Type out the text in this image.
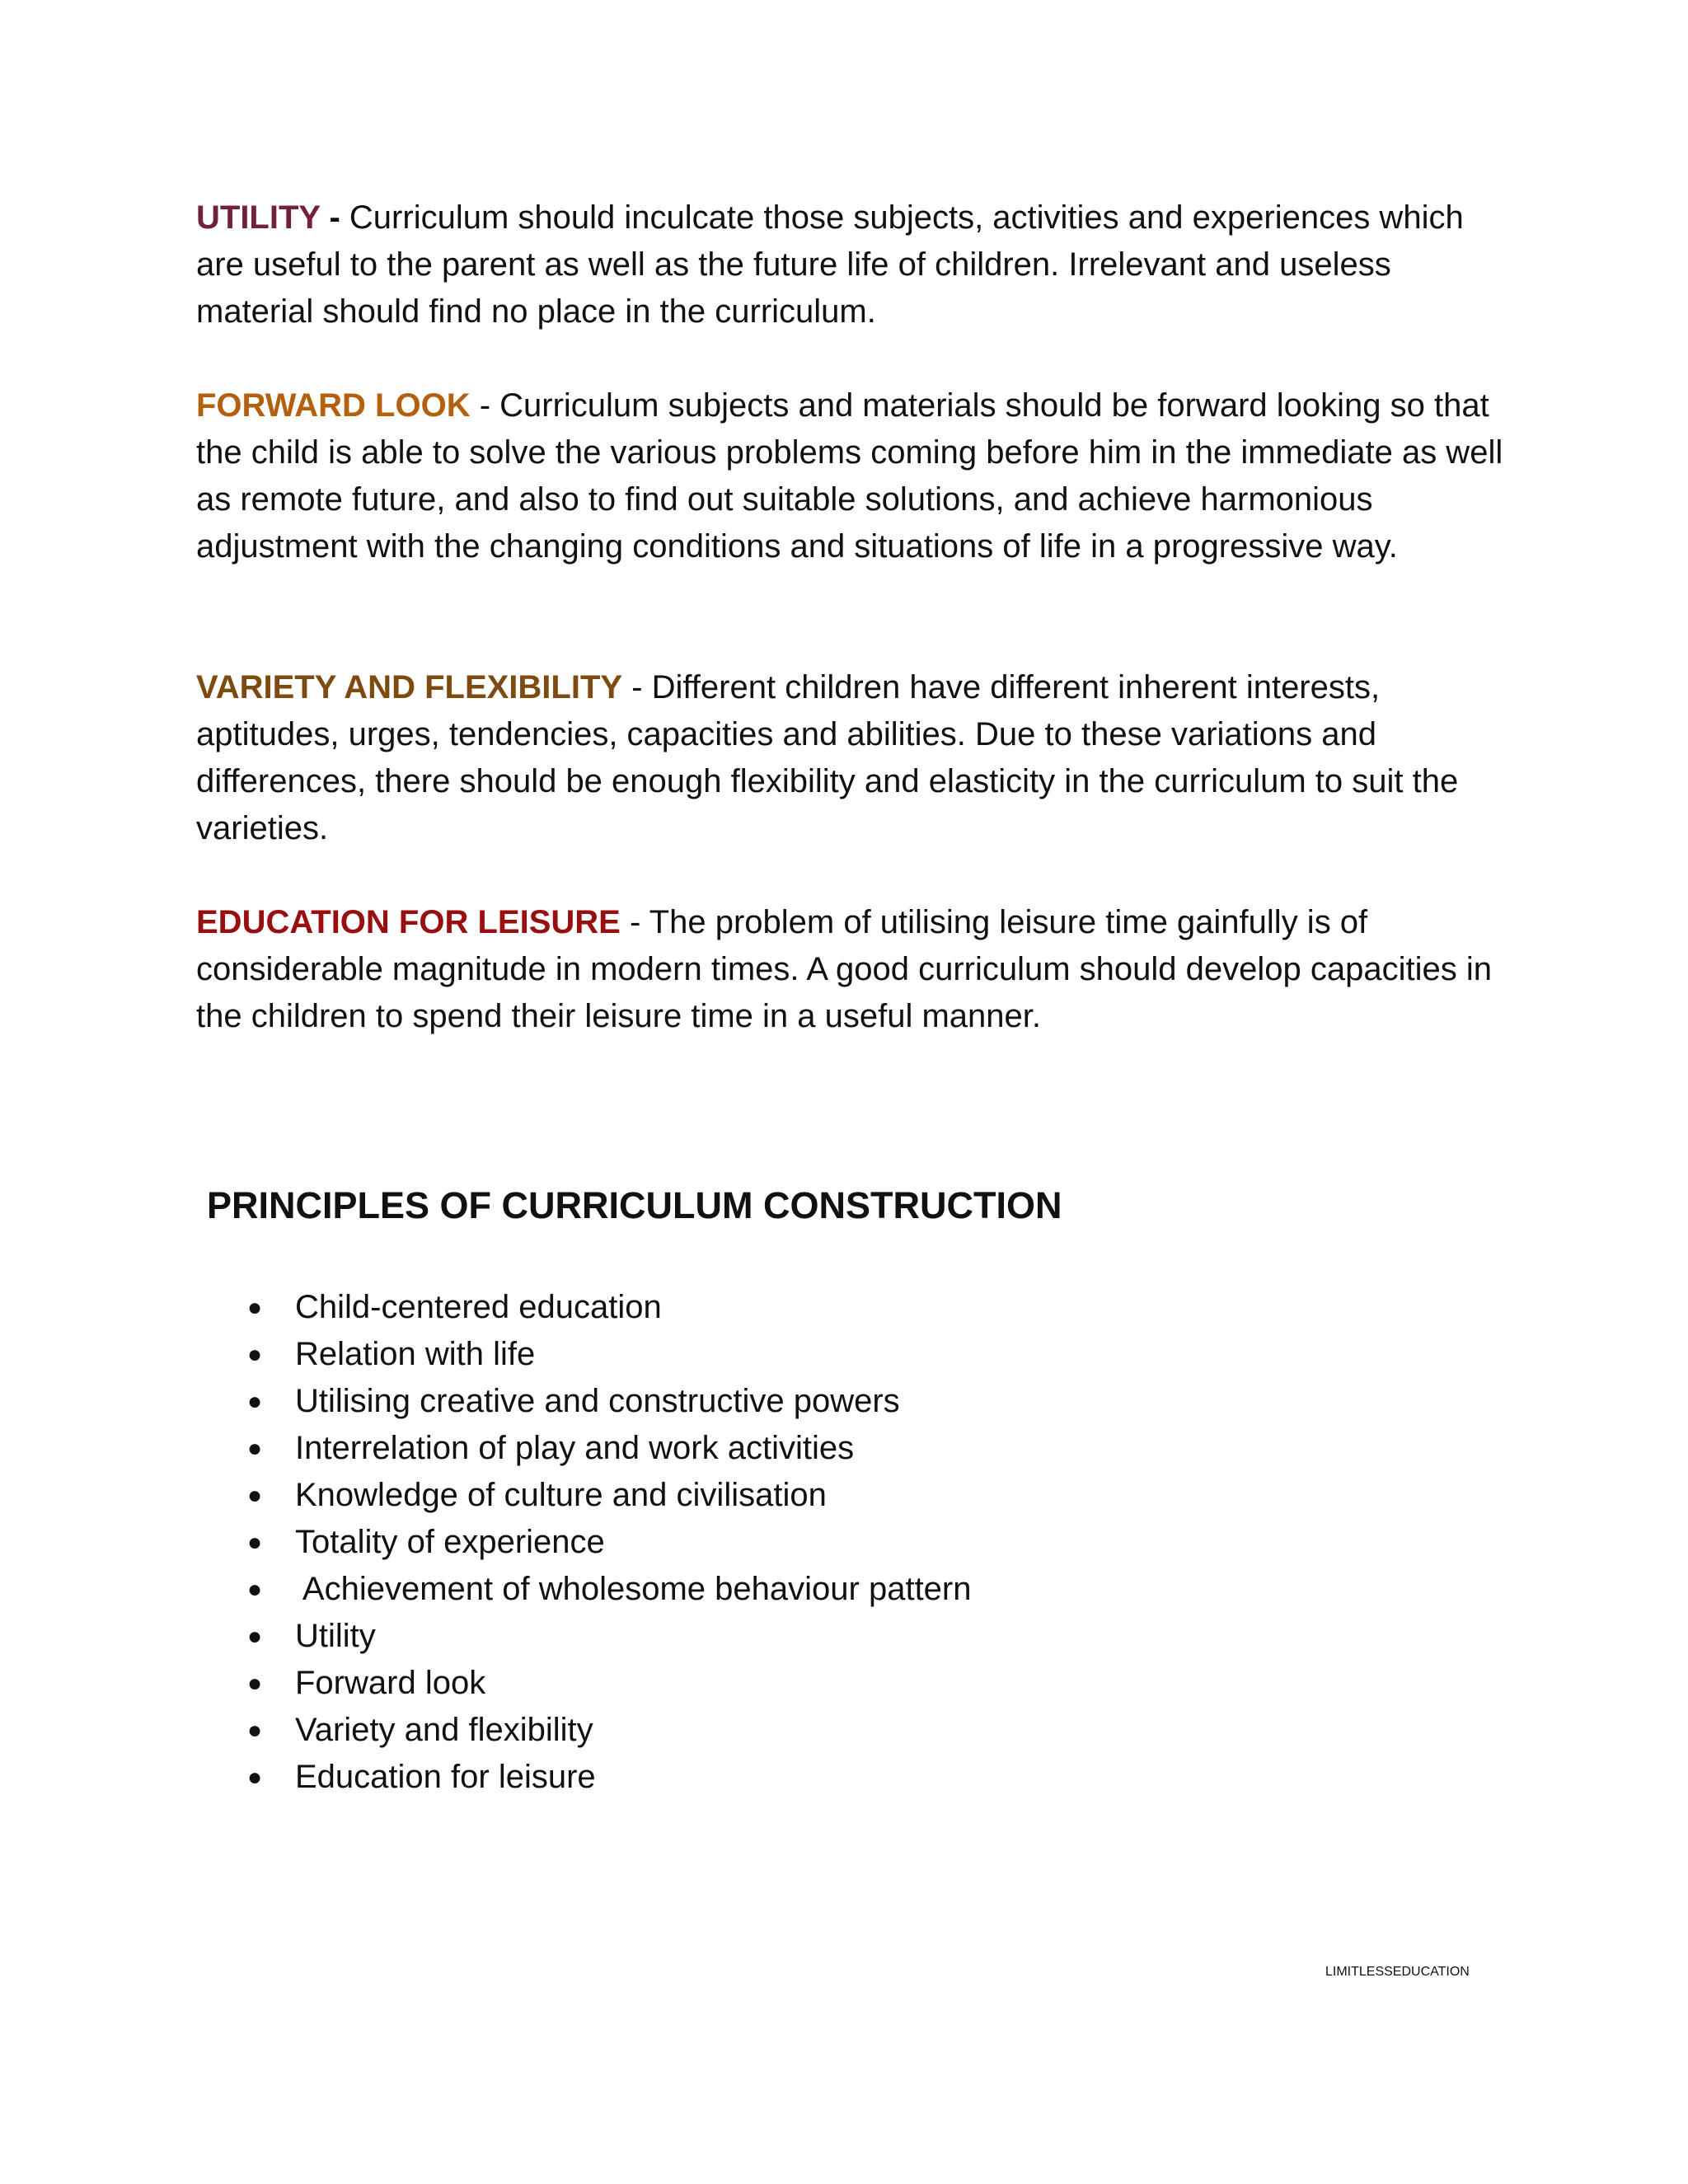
UTILITY - Curriculum should inculcate those subjects, activities and experiences which are useful to the parent as well as the future life of children. Irrelevant and useless material should find no place in the curriculum.

FORWARD LOOK - Curriculum subjects and materials should be forward looking so that the child is able to solve the various problems coming before him in the immediate as well as remote future, and also to find out suitable solutions, and achieve harmonious adjustment with the changing conditions and situations of life in a progressive way.

VARIETY AND FLEXIBILITY - Different children have different inherent interests, aptitudes, urges, tendencies, capacities and abilities. Due to these variations and differences, there should be enough flexibility and elasticity in the curriculum to suit the varieties.

EDUCATION FOR LEISURE - The problem of utilising leisure time gainfully is of considerable magnitude in modern times. A good curriculum should develop capacities in the children to spend their leisure time in a useful manner.

PRINCIPLES OF CURRICULUM CONSTRUCTION
● Child-centered education
● Relation with life
● Utilising creative and constructive powers
● Interrelation of play and work activities
● Knowledge of culture and civilisation
● Totality of experience
● Achievement of wholesome behaviour pattern
● Utility
● Forward look
● Variety and flexibility
● Education for leisure
LIMITLESSEDUCATION
